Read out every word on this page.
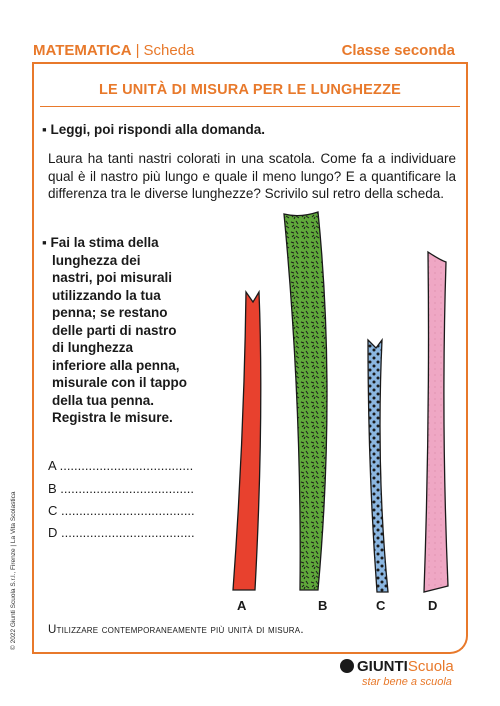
MATEMATICA | Scheda	Classe seconda
LE UNITÀ DI MISURA PER LE LUNGHEZZE
▪ Leggi, poi rispondi alla domanda.
Laura ha tanti nastri colorati in una scatola. Come fa a individuare qual è il nastro più lungo e quale il meno lungo? E a quantificare la differenza tra le diverse lunghezze? Scrivilo sul retro della scheda.
▪ Fai la stima della
lunghezza dei
nastri, poi misurali
utilizzando la tua
penna; se restano
delle parti di nastro
di lunghezza
inferiore alla penna,
misurale con il tappo
della tua penna.
Registra le misure.
A .....................................
B .....................................
C .....................................
D .....................................
A	B	C	D
Utilizzare contemporaneamente più unità di misura.
© 2022 Giunti Scuola S.r.l., Firenze | La Vita Scolastica
GIUNTIScuola
star bene a scuola
